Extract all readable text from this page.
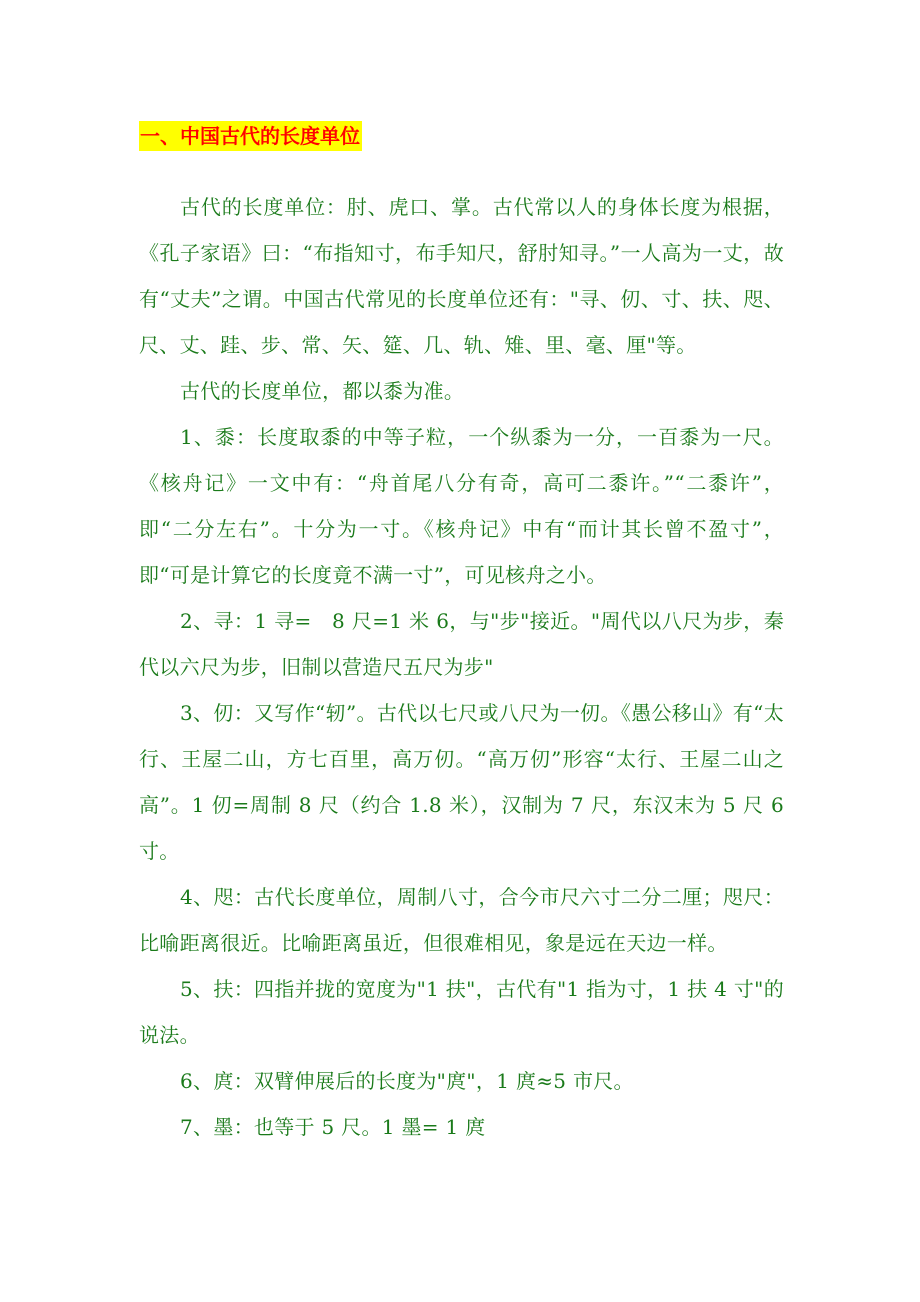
一、中国古代的长度单位

古代的长度单位：肘、虎口、掌。古代常以人的身体长度为根据，《孔子家语》曰：“布指知寸，布手知尺，舒肘知寻。”一人高为一丈，故有“丈夫”之谓。中国古代常见的长度单位还有："寻、仞、寸、扶、咫、尺、丈、跬、步、常、矢、筵、几、轨、雉、里、毫、厘"等。

古代的长度单位，都以黍为准。

1、黍：长度取黍的中等子粒，一个纵黍为一分，一百黍为一尺。《核舟记》一文中有：“舟首尾八分有奇，高可二黍许。”“二黍许”，即“二分左右”。十分为一寸。《核舟记》中有“而计其长曾不盈寸”，即“可是计算它的长度竟不满一寸”，可见核舟之小。

2、寻：1 寻=　8 尺=1 米 6，与"步"接近。"周代以八尺为步，秦代以六尺为步，旧制以营造尺五尺为步"

3、仞：又写作“轫”。古代以七尺或八尺为一仞。《愚公移山》有“太行、王屋二山，方七百里，高万仞。“高万仞”形容“太行、王屋二山之高”。1 仞=周制 8 尺（约合 1.8 米），汉制为 7 尺，东汉末为 5 尺 6 寸。

4、咫：古代长度单位，周制八寸，合今市尺六寸二分二厘；咫尺：比喻距离很近。比喻距离虽近，但很难相见，象是远在天边一样。

5、扶：四指并拢的宽度为"1 扶"，古代有"1 指为寸，1 扶 4 寸"的说法。

6、庹：双臂伸展后的长度为"庹"，1 庹≈5 市尺。

7、墨：也等于 5 尺。1 墨= 1 庹
